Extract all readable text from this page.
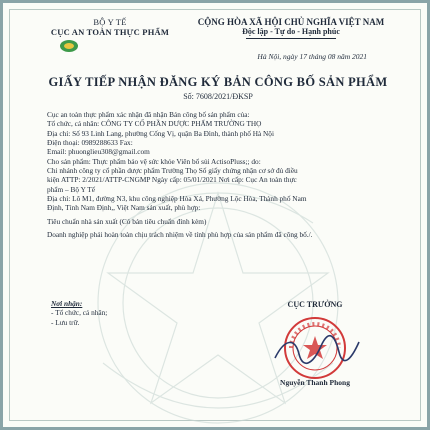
BỘ Y TẾ
CỤC AN TOÀN THỰC PHẨM
CỘNG HÒA XÃ HỘI CHỦ NGHĨA VIỆT NAM
Độc lập - Tự do - Hạnh phúc
Hà Nội, ngày 17 tháng 08 năm 2021
GIẤY TIẾP NHẬN ĐĂNG KÝ BẢN CÔNG BỐ SẢN PHẨM
Số: 7608/2021/ĐKSP

Cục an toàn thực phẩm xác nhận đã nhận Bản công bố sản phẩm của:

Tổ chức, cá nhân: CÔNG TY CỔ PHẦN DƯỢC PHẨM TRƯỜNG THỌ

Địa chỉ: Số 93 Linh Lang, phường Cống Vị, quận Ba Đình, thành phố Hà Nội

Điện thoại: 0989288633 Fax:

Email: phuonglieu308@gmail.com

Cho sản phẩm: Thực phẩm bảo vệ sức khỏe Viên bổ sủi ActisoPluss;; do:

Chi nhánh công ty cổ phần dược phẩm Trường Thọ Số giấy chứng nhận cơ sở đủ điều

kiện ATTP: 2/2021/ATTP-CNGMP Ngày cấp: 05/01/2021 Nơi cấp: Cục An toàn thực

phẩm – Bộ Y Tế

Địa chỉ: Lô M1, đường N3, khu công nghiệp Hòa Xá, Phường Lộc Hòa, Thành phố Nam

Định, Tỉnh Nam Định,, Việt Nam sản xuất, phù hợp:

Tiêu chuẩn nhà sản xuất (Có bản tiêu chuẩn đính kèm)

Doanh nghiệp phải hoàn toàn chịu trách nhiệm về tính phù hợp của sản phẩm đã công bố./.

Nơi nhận:
- Tổ chức, cá nhân;
- Lưu trữ.
CỤC TRƯỞNG
Nguyễn Thanh Phong
